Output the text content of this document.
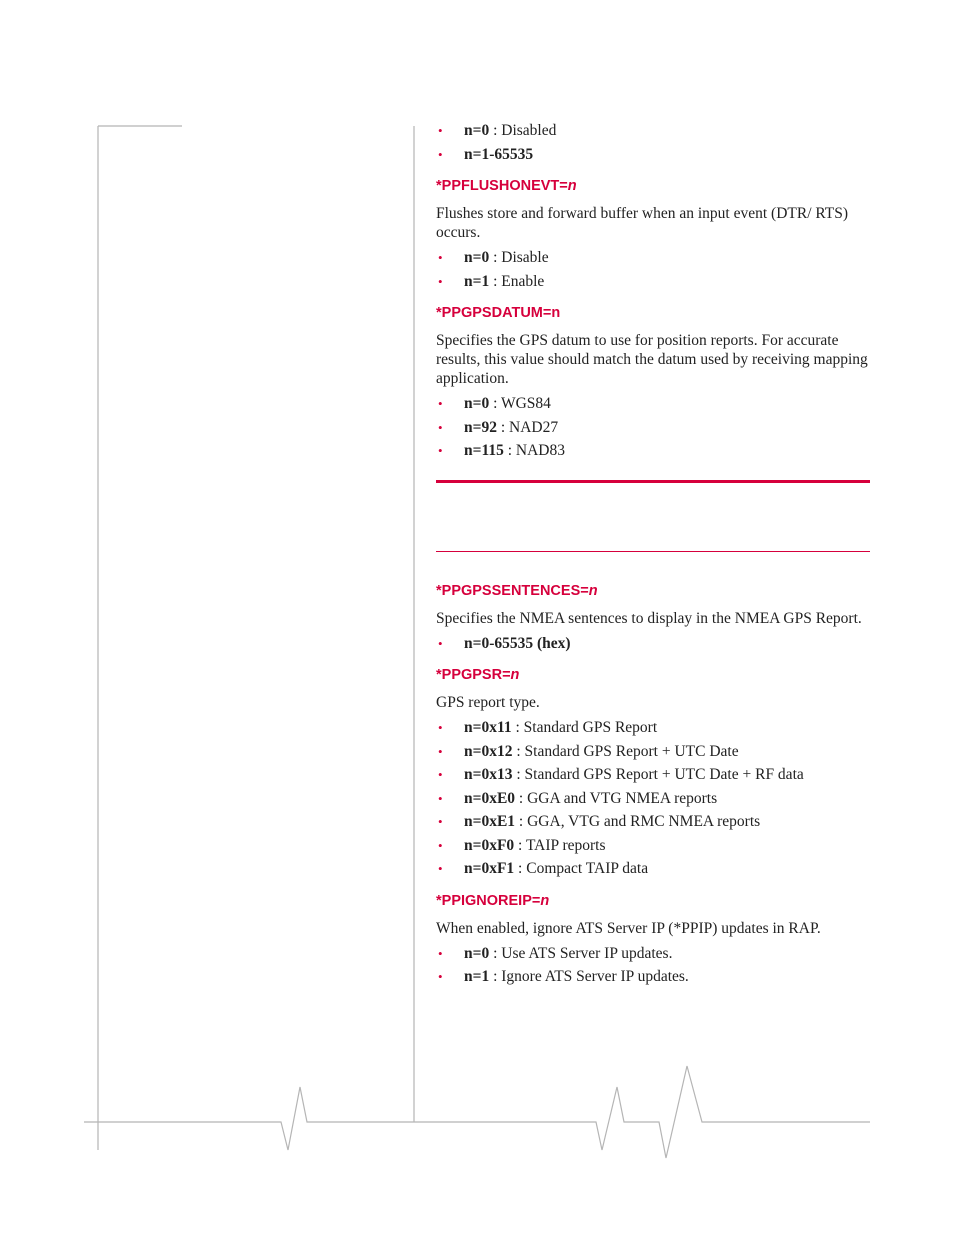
• n=0 : Disabled
• n=1-65535
*PPFLUSHONEVT=n

Flushes store and forward buffer when an input event (DTR/ RTS) occurs.

• n=0 : Disable
• n=1 : Enable
*PPGPSDATUM=n

Specifies the GPS datum to use for position reports. For accurate results, this value should match the datum used by receiving mapping application.

• n=0 : WGS84
• n=92 : NAD27
• n=115 : NAD83
*PPGPSSENTENCES=n

Specifies the NMEA sentences to display in the NMEA GPS Report.

• n=0-65535 (hex)
*PPGPSR=n

GPS report type.

• n=0x11 : Standard GPS Report
• n=0x12 : Standard GPS Report + UTC Date
• n=0x13 : Standard GPS Report + UTC Date + RF data
• n=0xE0 : GGA and VTG NMEA reports
• n=0xE1 : GGA, VTG and RMC NMEA reports
• n=0xF0 : TAIP reports
• n=0xF1 : Compact TAIP data
*PPIGNOREIP=n

When enabled, ignore ATS Server IP (*PPIP) updates in RAP.

• n=0 : Use ATS Server IP updates.
• n=1 : Ignore ATS Server IP updates.
